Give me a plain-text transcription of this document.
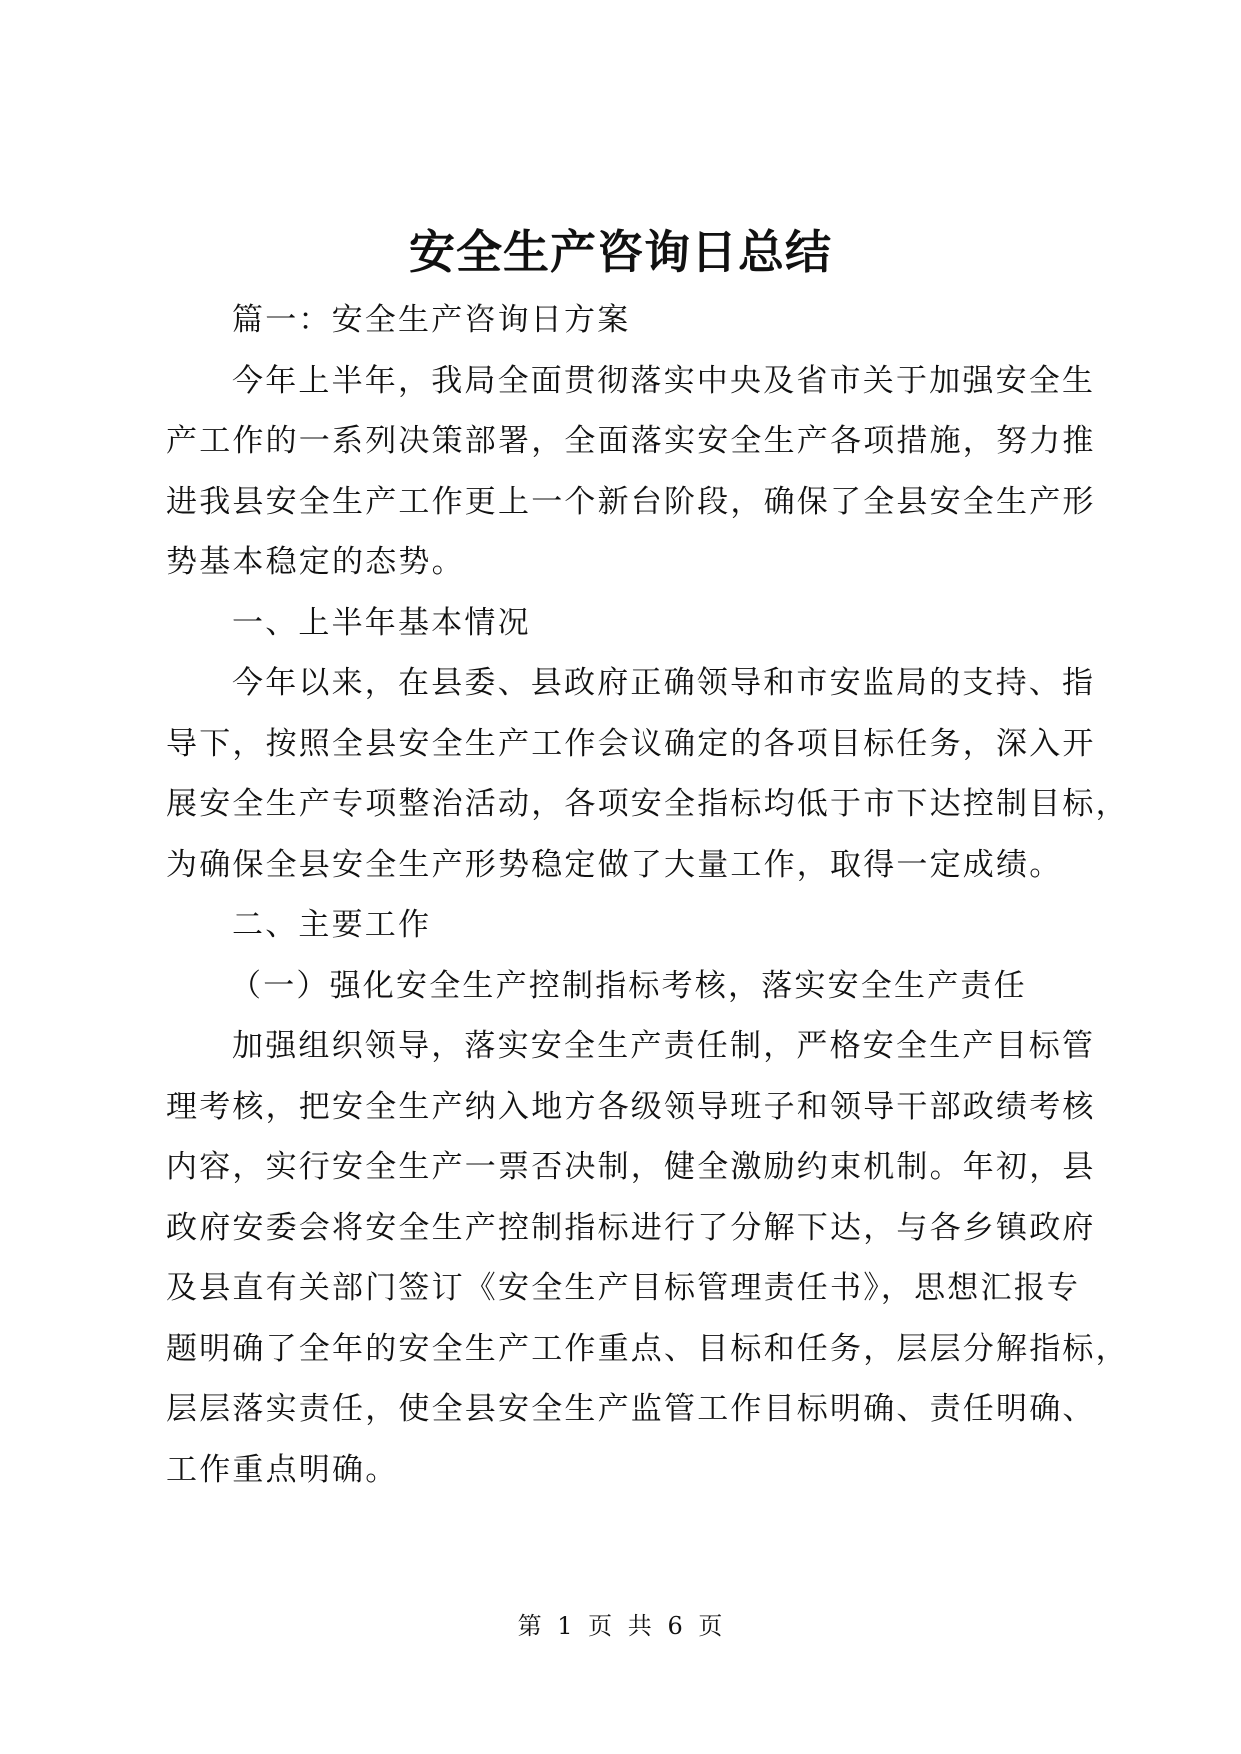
安全生产咨询日总结
篇一：安全生产咨询日方案
今年上半年，我局全面贯彻落实中央及省市关于加强安全生
产工作的一系列决策部署，全面落实安全生产各项措施，努力推
进我县安全生产工作更上一个新台阶段，确保了全县安全生产形
势基本稳定的态势。
一、上半年基本情况
今年以来，在县委、县政府正确领导和市安监局的支持、指
导下，按照全县安全生产工作会议确定的各项目标任务，深入开
展安全生产专项整治活动，各项安全指标均低于市下达控制目标，
为确保全县安全生产形势稳定做了大量工作，取得一定成绩。
二、主要工作
（一）强化安全生产控制指标考核，落实安全生产责任
加强组织领导，落实安全生产责任制，严格安全生产目标管
理考核，把安全生产纳入地方各级领导班子和领导干部政绩考核
内容，实行安全生产一票否决制，健全激励约束机制。年初，县
政府安委会将安全生产控制指标进行了分解下达，与各乡镇政府
及县直有关部门签订《安全生产目标管理责任书》，思想汇报专
题明确了全年的安全生产工作重点、目标和任务，层层分解指标，
层层落实责任，使全县安全生产监管工作目标明确、责任明确、
工作重点明确。
第 1 页 共 6 页
